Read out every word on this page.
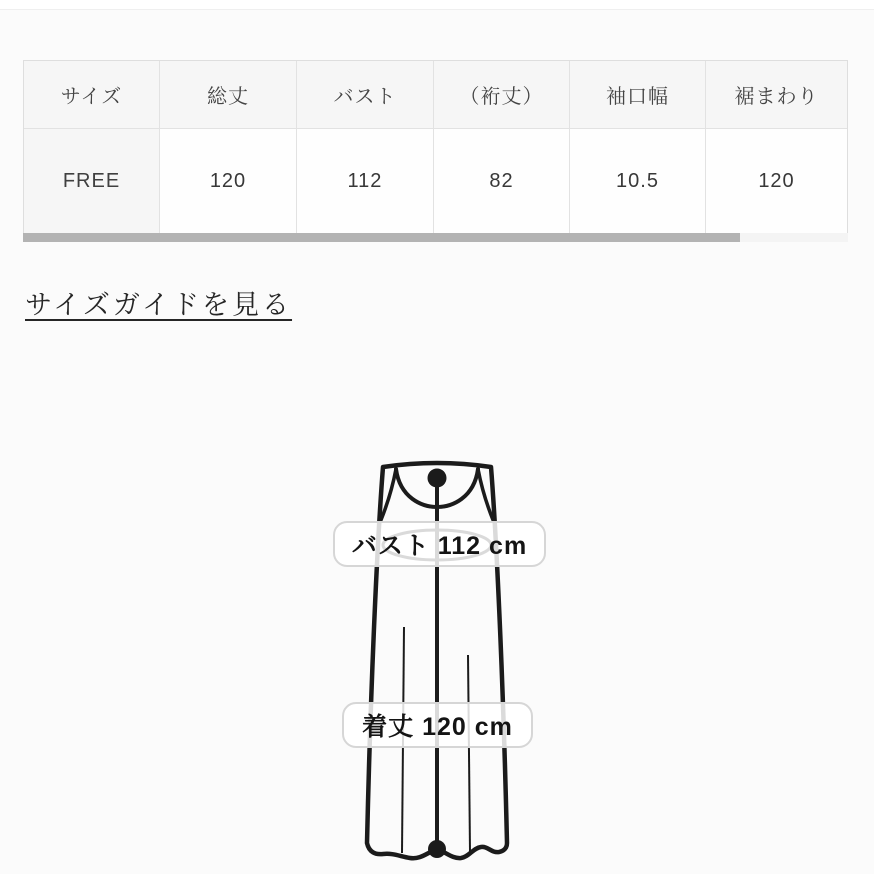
サイズ	総丈	バスト	（裄丈）	袖口幅	裾まわり
FREE	120	112	82	10.5	120
サイズガイドを見る
バスト 112 cm
着丈 120 cm
